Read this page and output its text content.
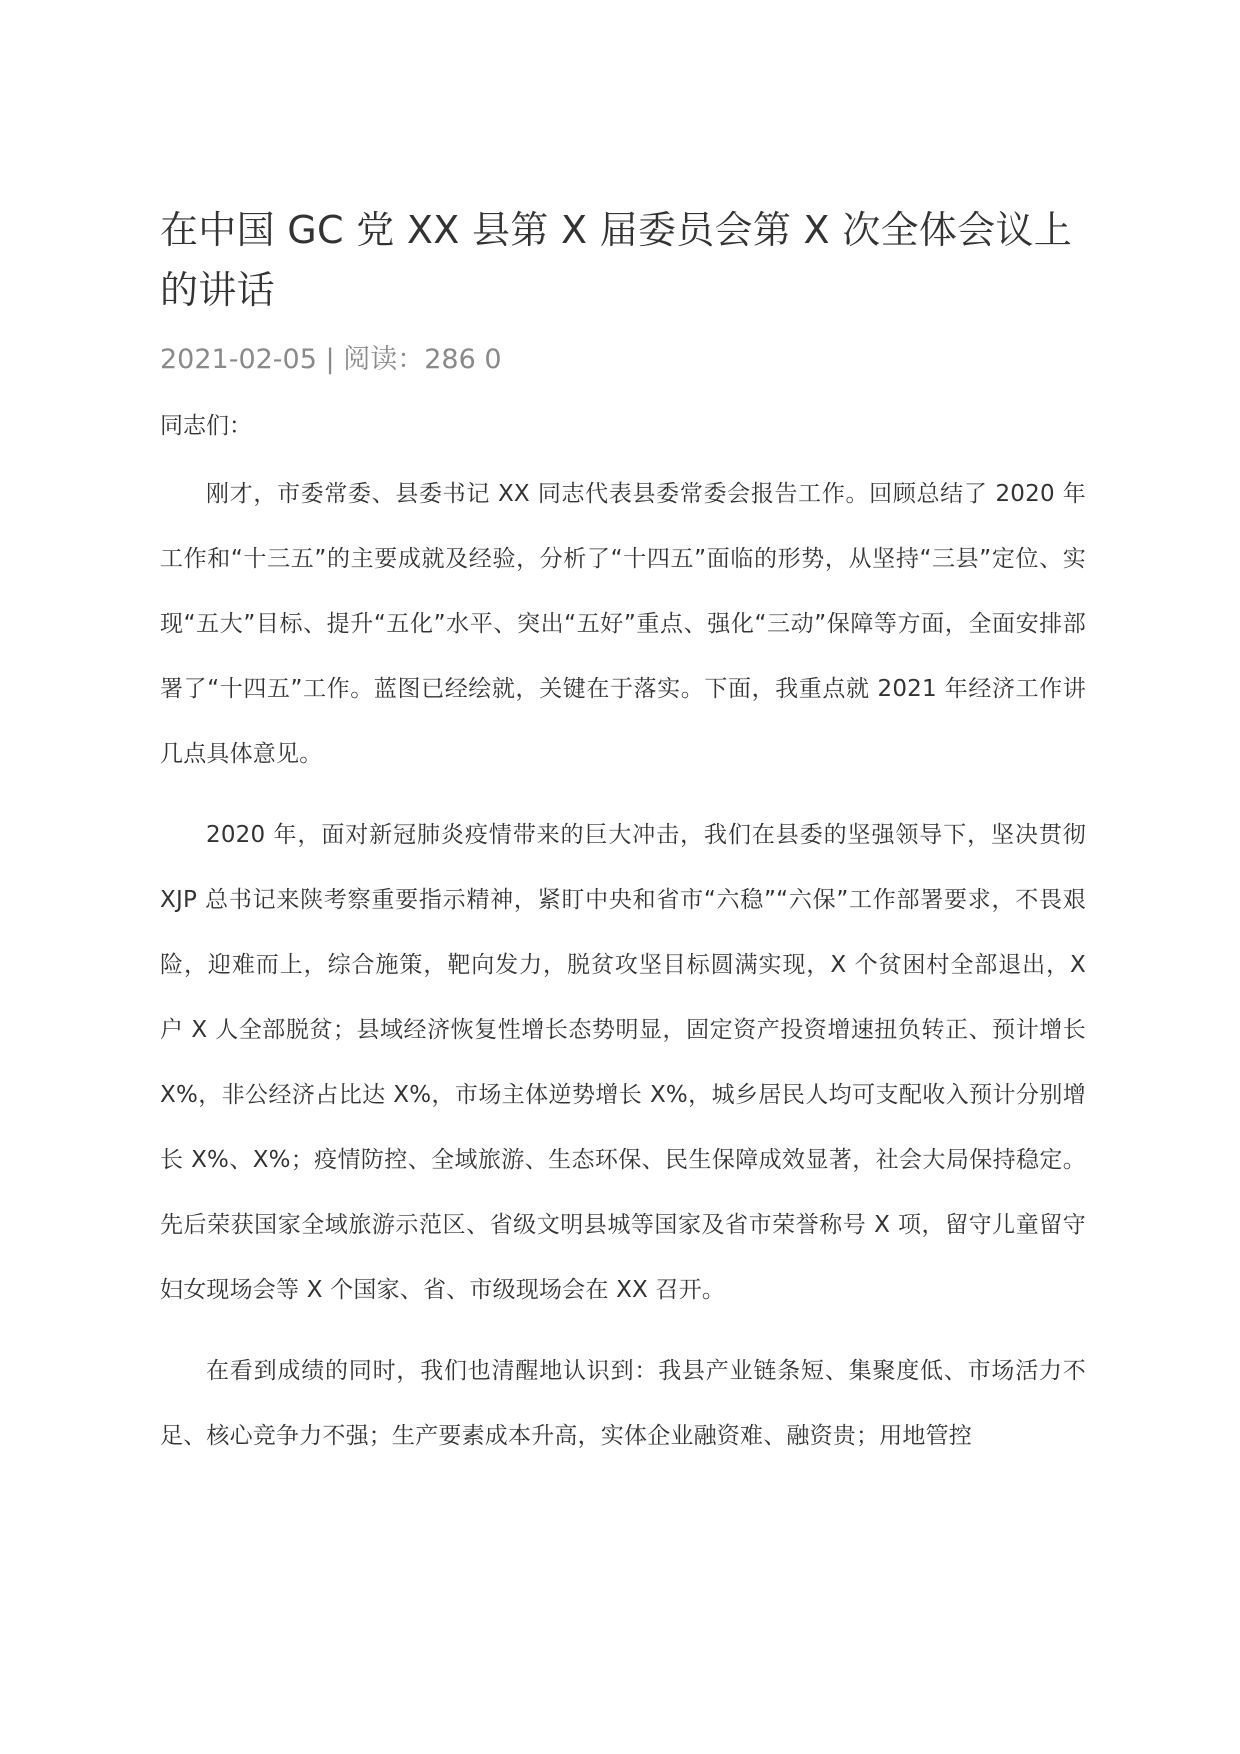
在中国 GC 党 XX 县第 X 届委员会第 X 次全体会议上的讲话
2021-02-05 | 阅读：286 0
同志们：

刚才，市委常委、县委书记 XX 同志代表县委常委会报告工作。回顾总结了 2020 年工作和“十三五”的主要成就及经验，分析了“十四五”面临的形势，从坚持“三县”定位、实现“五大”目标、提升“五化”水平、突出“五好”重点、强化“三动”保障等方面，全面安排部署了“十四五”工作。蓝图已经绘就，关键在于落实。下面，我重点就 2021 年经济工作讲几点具体意见。

2020 年，面对新冠肺炎疫情带来的巨大冲击，我们在县委的坚强领导下，坚决贯彻 XJP 总书记来陕考察重要指示精神，紧盯中央和省市“六稳”“六保”工作部署要求，不畏艰险，迎难而上，综合施策，靶向发力，脱贫攻坚目标圆满实现，X 个贫困村全部退出，X 户 X 人全部脱贫；县域经济恢复性增长态势明显，固定资产投资增速扭负转正、预计增长 X%，非公经济占比达 X%，市场主体逆势增长 X%，城乡居民人均可支配收入预计分别增长 X%、X%；疫情防控、全域旅游、生态环保、民生保障成效显著，社会大局保持稳定。先后荣获国家全域旅游示范区、省级文明县城等国家及省市荣誉称号 X 项，留守儿童留守妇女现场会等 X 个国家、省、市级现场会在 XX 召开。

在看到成绩的同时，我们也清醒地认识到：我县产业链条短、集聚度低、市场活力不足、核心竞争力不强；生产要素成本升高，实体企业融资难、融资贵；用地管控
